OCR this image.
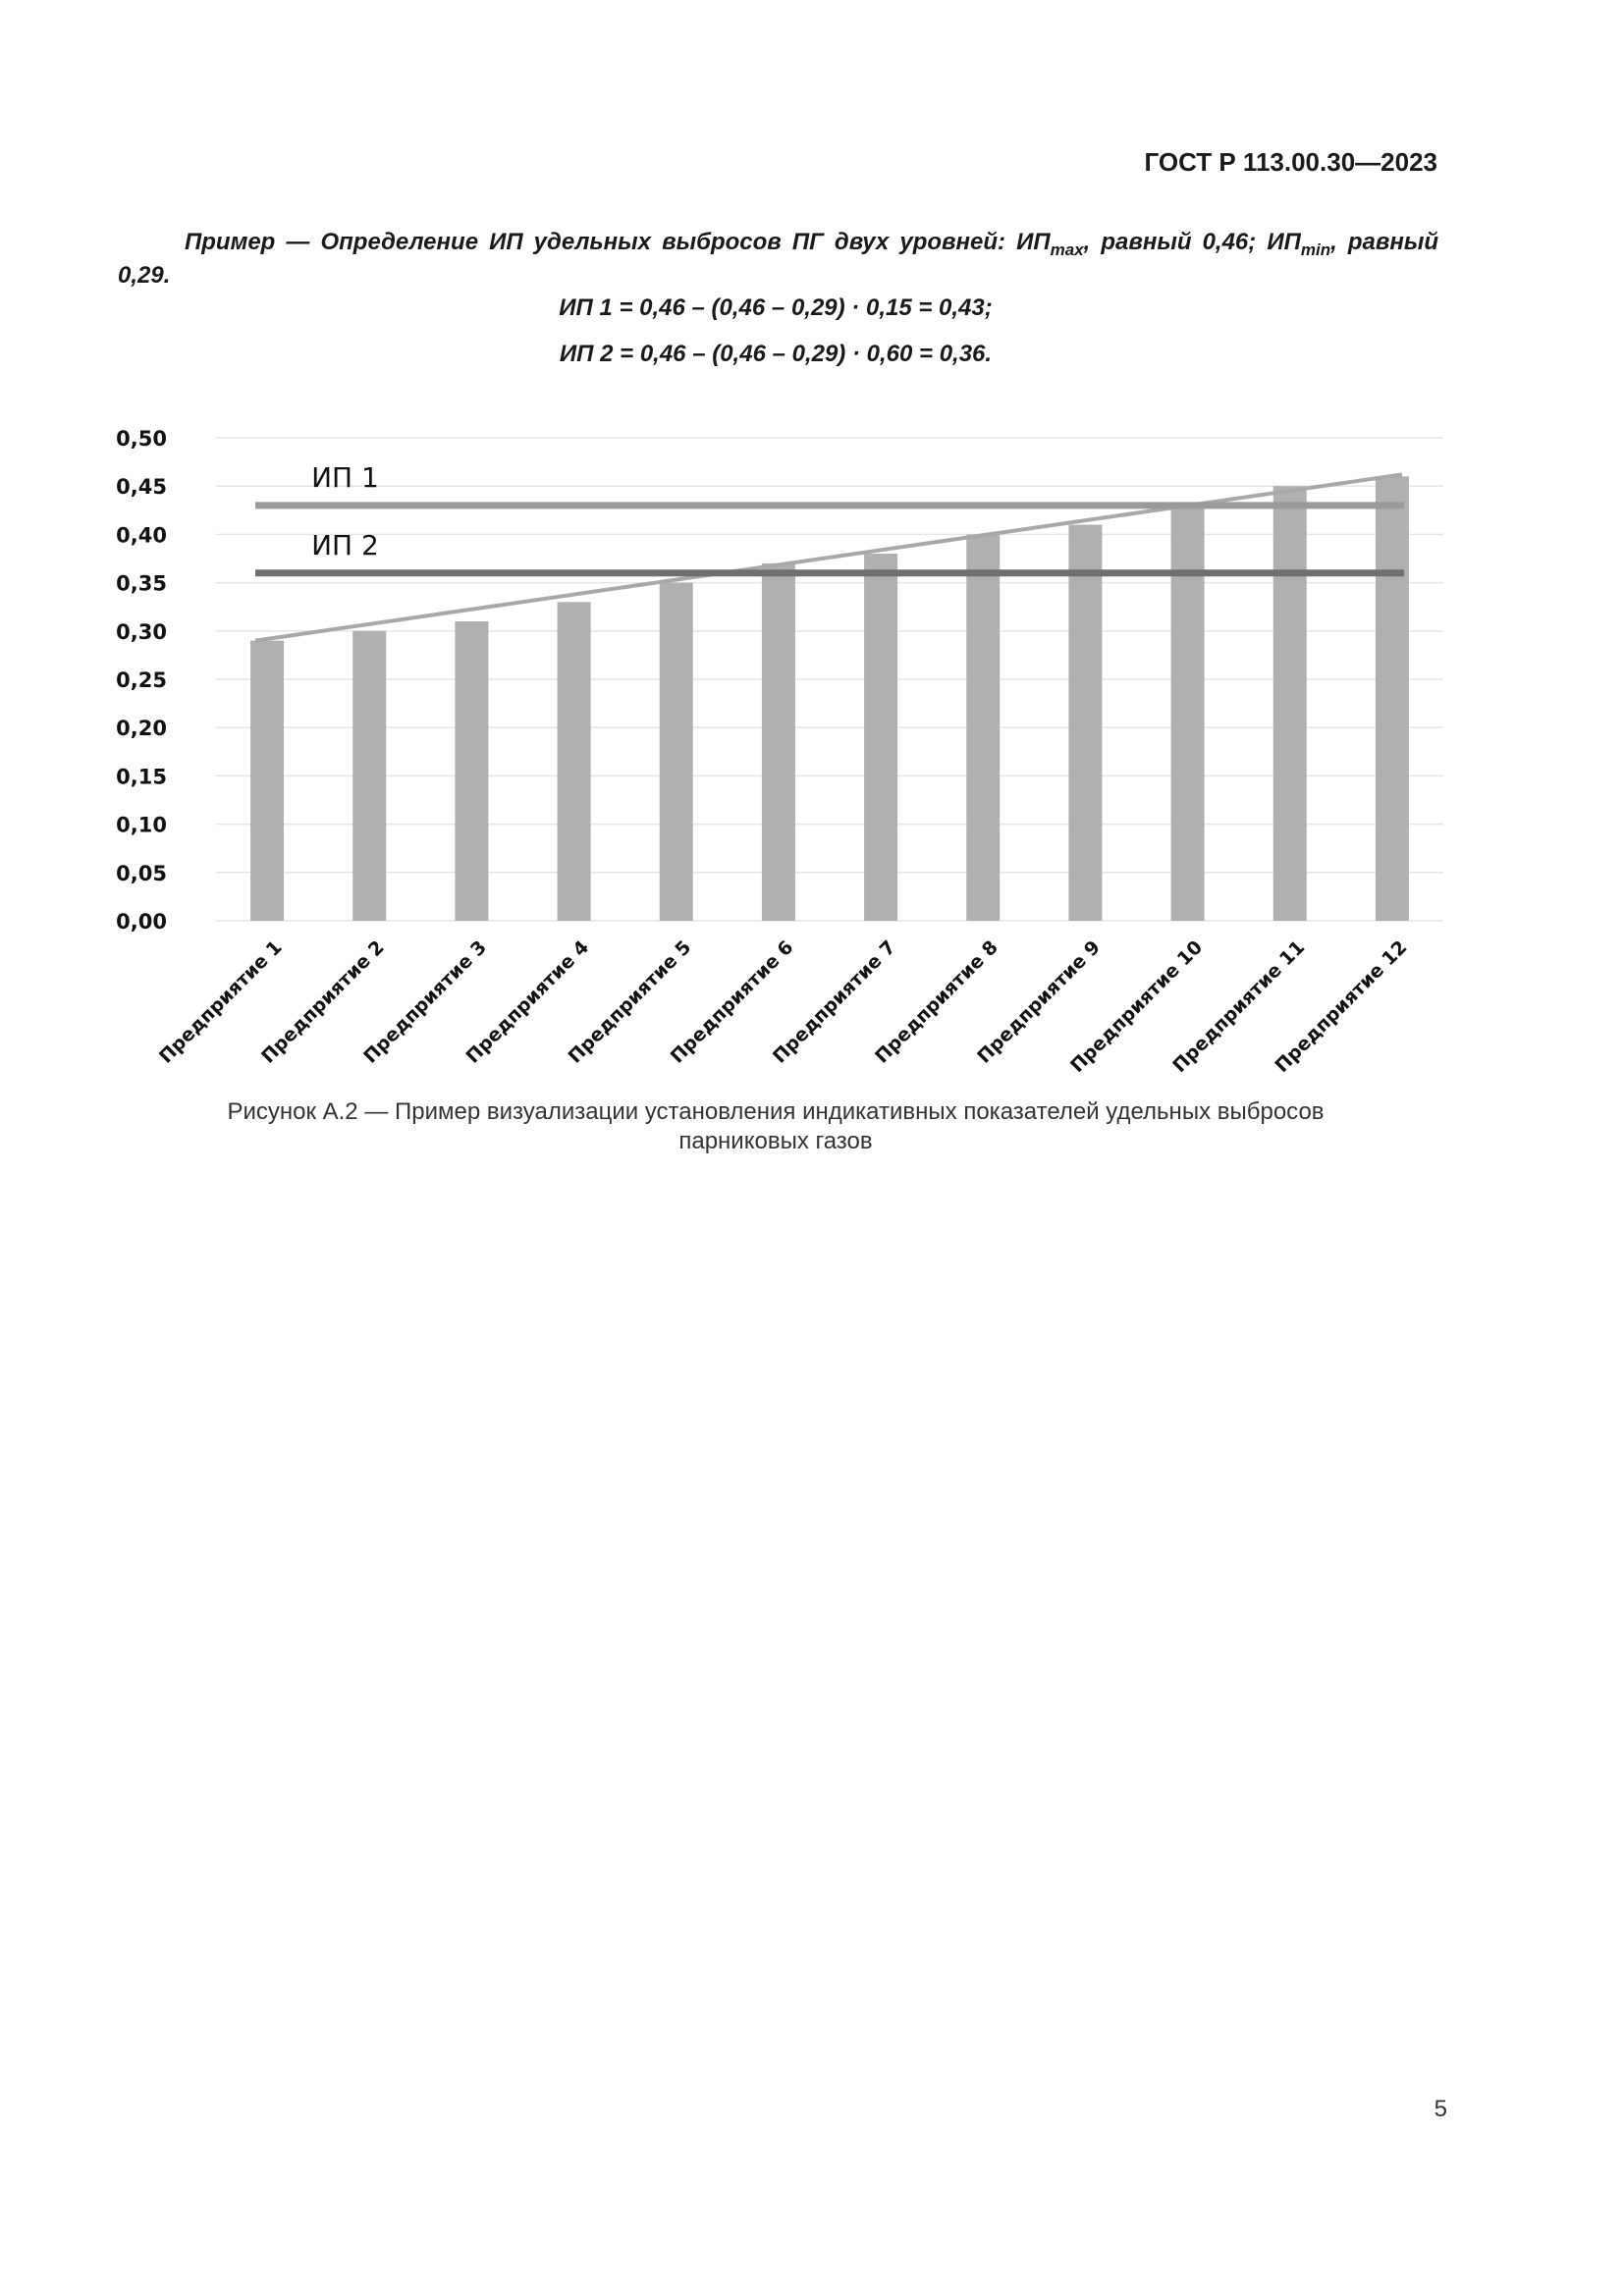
ГОСТ Р 113.00.30—2023
Пример — Определение ИП удельных выбросов ПГ двух уровней: $ИП_{max}$, равный 0,46; $ИП_{min}$, равный 0,29.
ИП 1 = 0,46 – (0,46 – 0,29) · 0,15 = 0,43;
ИП 2 = 0,46 – (0,46 – 0,29) · 0,60 = 0,36.
0,00
0,05
0,10
0,15
0,20
0,25
0,30
0,35
0,40
0,45
0,50
ИП 1
ИП 2
Предприятие 1
Предприятие 2
Предприятие 3
Предприятие 4
Предприятие 5
Предприятие 6
Предприятие 7
Предприятие 8
Предприятие 9
Предприятие 10
Предприятие 11
Предприятие 12
Рисунок А.2 — Пример визуализации установления индикативных показателей удельных выбросов
парниковых газов
5
